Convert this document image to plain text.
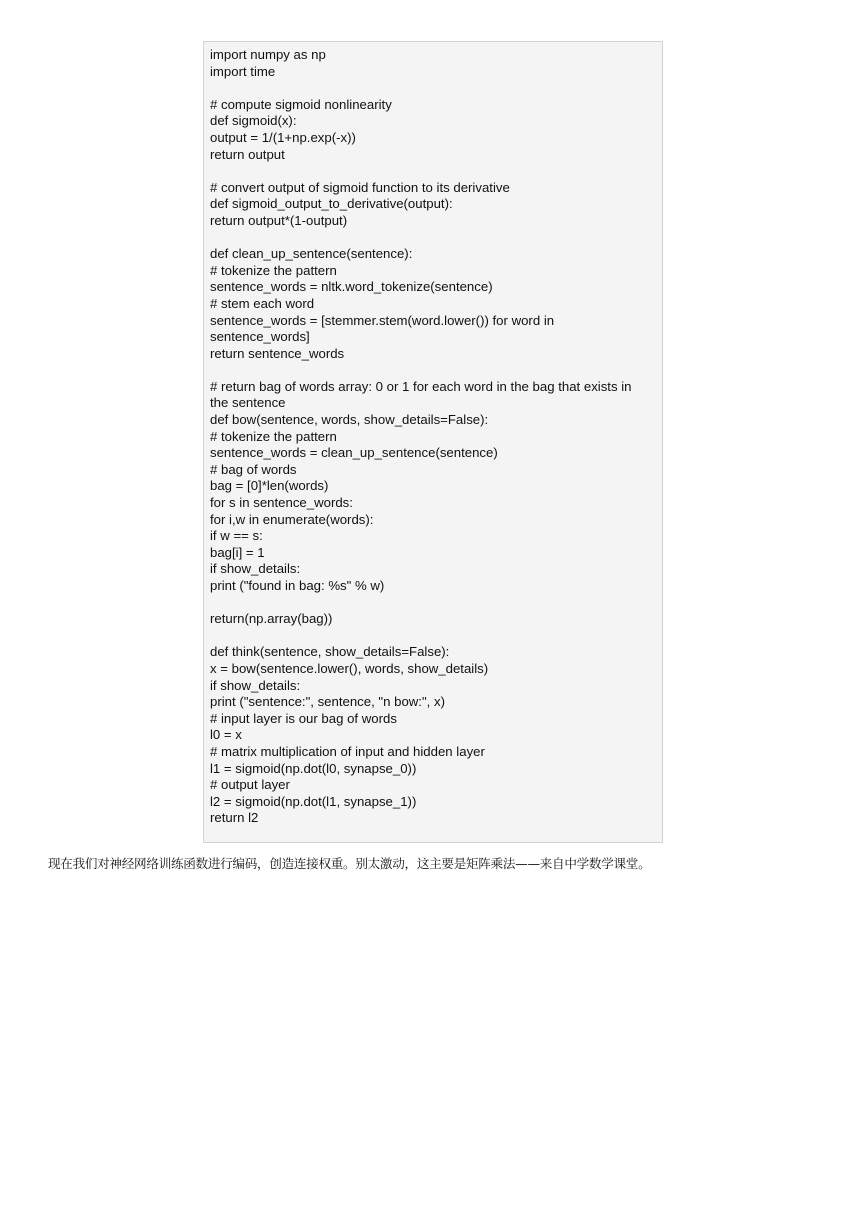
import numpy as np
import time
# compute sigmoid nonlinearity
def sigmoid(x):
output = 1/(1+np.exp(-x))
return output
# convert output of sigmoid function to its derivative
def sigmoid_output_to_derivative(output):
return output*(1-output)
def clean_up_sentence(sentence):
# tokenize the pattern
sentence_words = nltk.word_tokenize(sentence)
# stem each word
sentence_words = [stemmer.stem(word.lower()) for word in
sentence_words]
return sentence_words
# return bag of words array: 0 or 1 for each word in the bag that exists in
the sentence
def bow(sentence, words, show_details=False):
# tokenize the pattern
sentence_words = clean_up_sentence(sentence)
# bag of words
bag = [0]*len(words)
for s in sentence_words:
for i,w in enumerate(words):
if w == s:
bag[i] = 1
if show_details:
print ("found in bag: %s" % w)
return(np.array(bag))
def think(sentence, show_details=False):
x = bow(sentence.lower(), words, show_details)
if show_details:
print ("sentence:", sentence, "n bow:", x)
# input layer is our bag of words
l0 = x
# matrix multiplication of input and hidden layer
l1 = sigmoid(np.dot(l0, synapse_0))
# output layer
l2 = sigmoid(np.dot(l1, synapse_1))
return l2

现在我们对神经网络训练函数进行编码，创造连接权重。别太激动，这主要是矩阵乘法——来自中学数学课堂。
